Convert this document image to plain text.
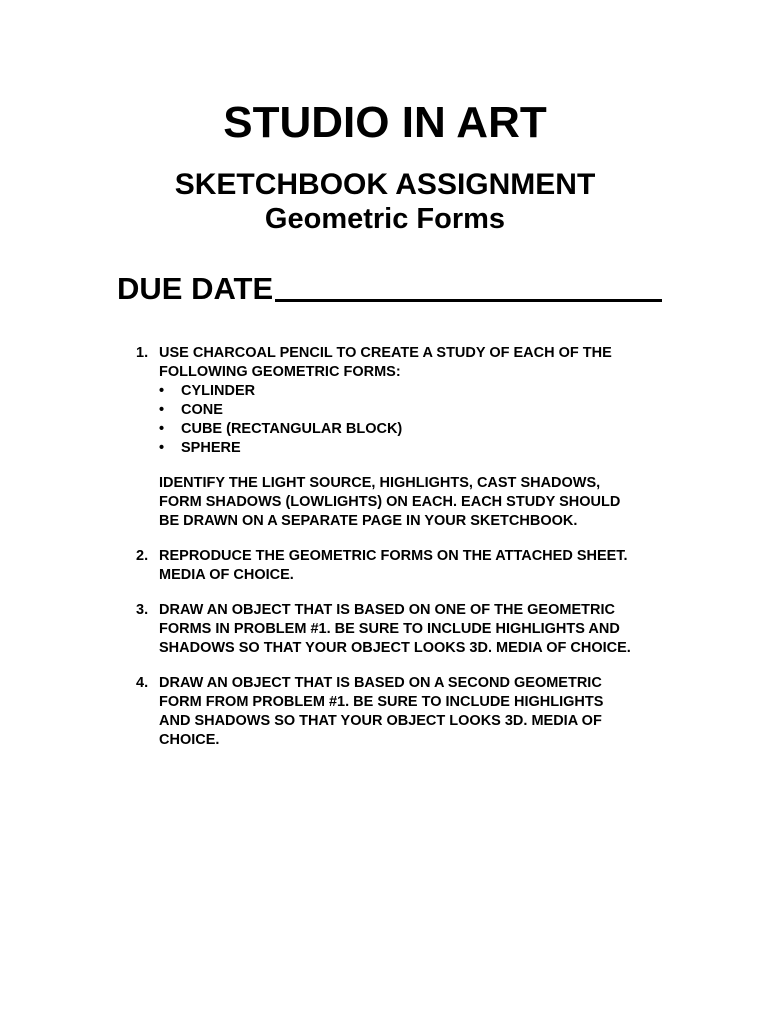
STUDIO IN ART
SKETCHBOOK ASSIGNMENT
Geometric Forms
DUE DATE
1. USE CHARCOAL PENCIL TO CREATE A STUDY OF EACH OF THE
FOLLOWING GEOMETRIC FORMS:
•	CYLINDER
•	CONE
•	CUBE (RECTANGULAR BLOCK)
•	SPHERE
IDENTIFY THE LIGHT SOURCE, HIGHLIGHTS, CAST SHADOWS,
FORM SHADOWS (LOWLIGHTS) ON EACH. EACH STUDY SHOULD
BE DRAWN ON A SEPARATE PAGE IN YOUR SKETCHBOOK.
2. REPRODUCE THE GEOMETRIC FORMS ON THE ATTACHED SHEET.
MEDIA OF CHOICE.
3. DRAW AN OBJECT THAT IS BASED ON ONE OF THE GEOMETRIC
FORMS IN PROBLEM #1. BE SURE TO INCLUDE HIGHLIGHTS AND
SHADOWS SO THAT YOUR OBJECT LOOKS 3D. MEDIA OF CHOICE.
4. DRAW AN OBJECT THAT IS BASED ON A SECOND GEOMETRIC
FORM FROM PROBLEM #1. BE SURE TO INCLUDE HIGHLIGHTS
AND SHADOWS SO THAT YOUR OBJECT LOOKS 3D. MEDIA OF
CHOICE.
